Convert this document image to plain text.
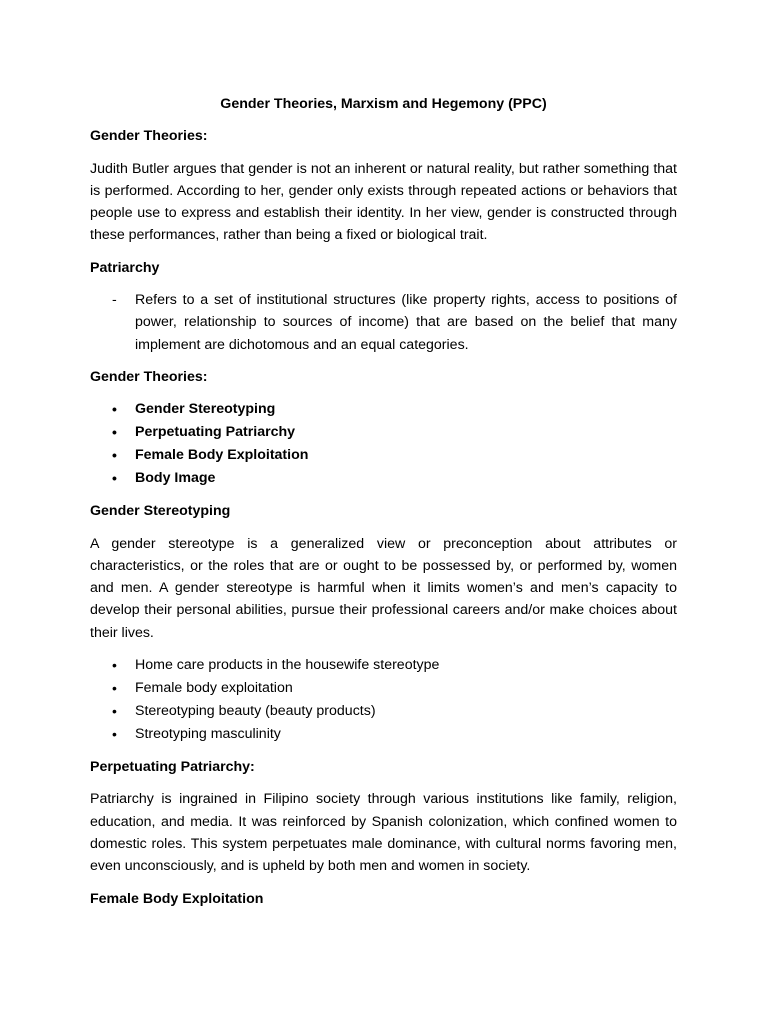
Gender Theories, Marxism and Hegemony (PPC)

Gender Theories:

Judith Butler argues that gender is not an inherent or natural reality, but rather something that is performed. According to her, gender only exists through repeated actions or behaviors that people use to express and establish their identity. In her view, gender is constructed through these performances, rather than being a fixed or biological trait.

Patriarchy

- Refers to a set of institutional structures (like property rights, access to positions of power, relationship to sources of income) that are based on the belief that many implement are dichotomous and an equal categories.

Gender Theories:

• Gender Stereotyping
• Perpetuating Patriarchy
• Female Body Exploitation
• Body Image

Gender Stereotyping

A gender stereotype is a generalized view or preconception about attributes or characteristics, or the roles that are or ought to be possessed by, or performed by, women and men. A gender stereotype is harmful when it limits women’s and men’s capacity to develop their personal abilities, pursue their professional careers and/or make choices about their lives.

• Home care products in the housewife stereotype
• Female body exploitation
• Stereotyping beauty (beauty products)
• Streotyping masculinity

Perpetuating Patriarchy:

Patriarchy is ingrained in Filipino society through various institutions like family, religion, education, and media. It was reinforced by Spanish colonization, which confined women to domestic roles. This system perpetuates male dominance, with cultural norms favoring men, even unconsciously, and is upheld by both men and women in society.

Female Body Exploitation
